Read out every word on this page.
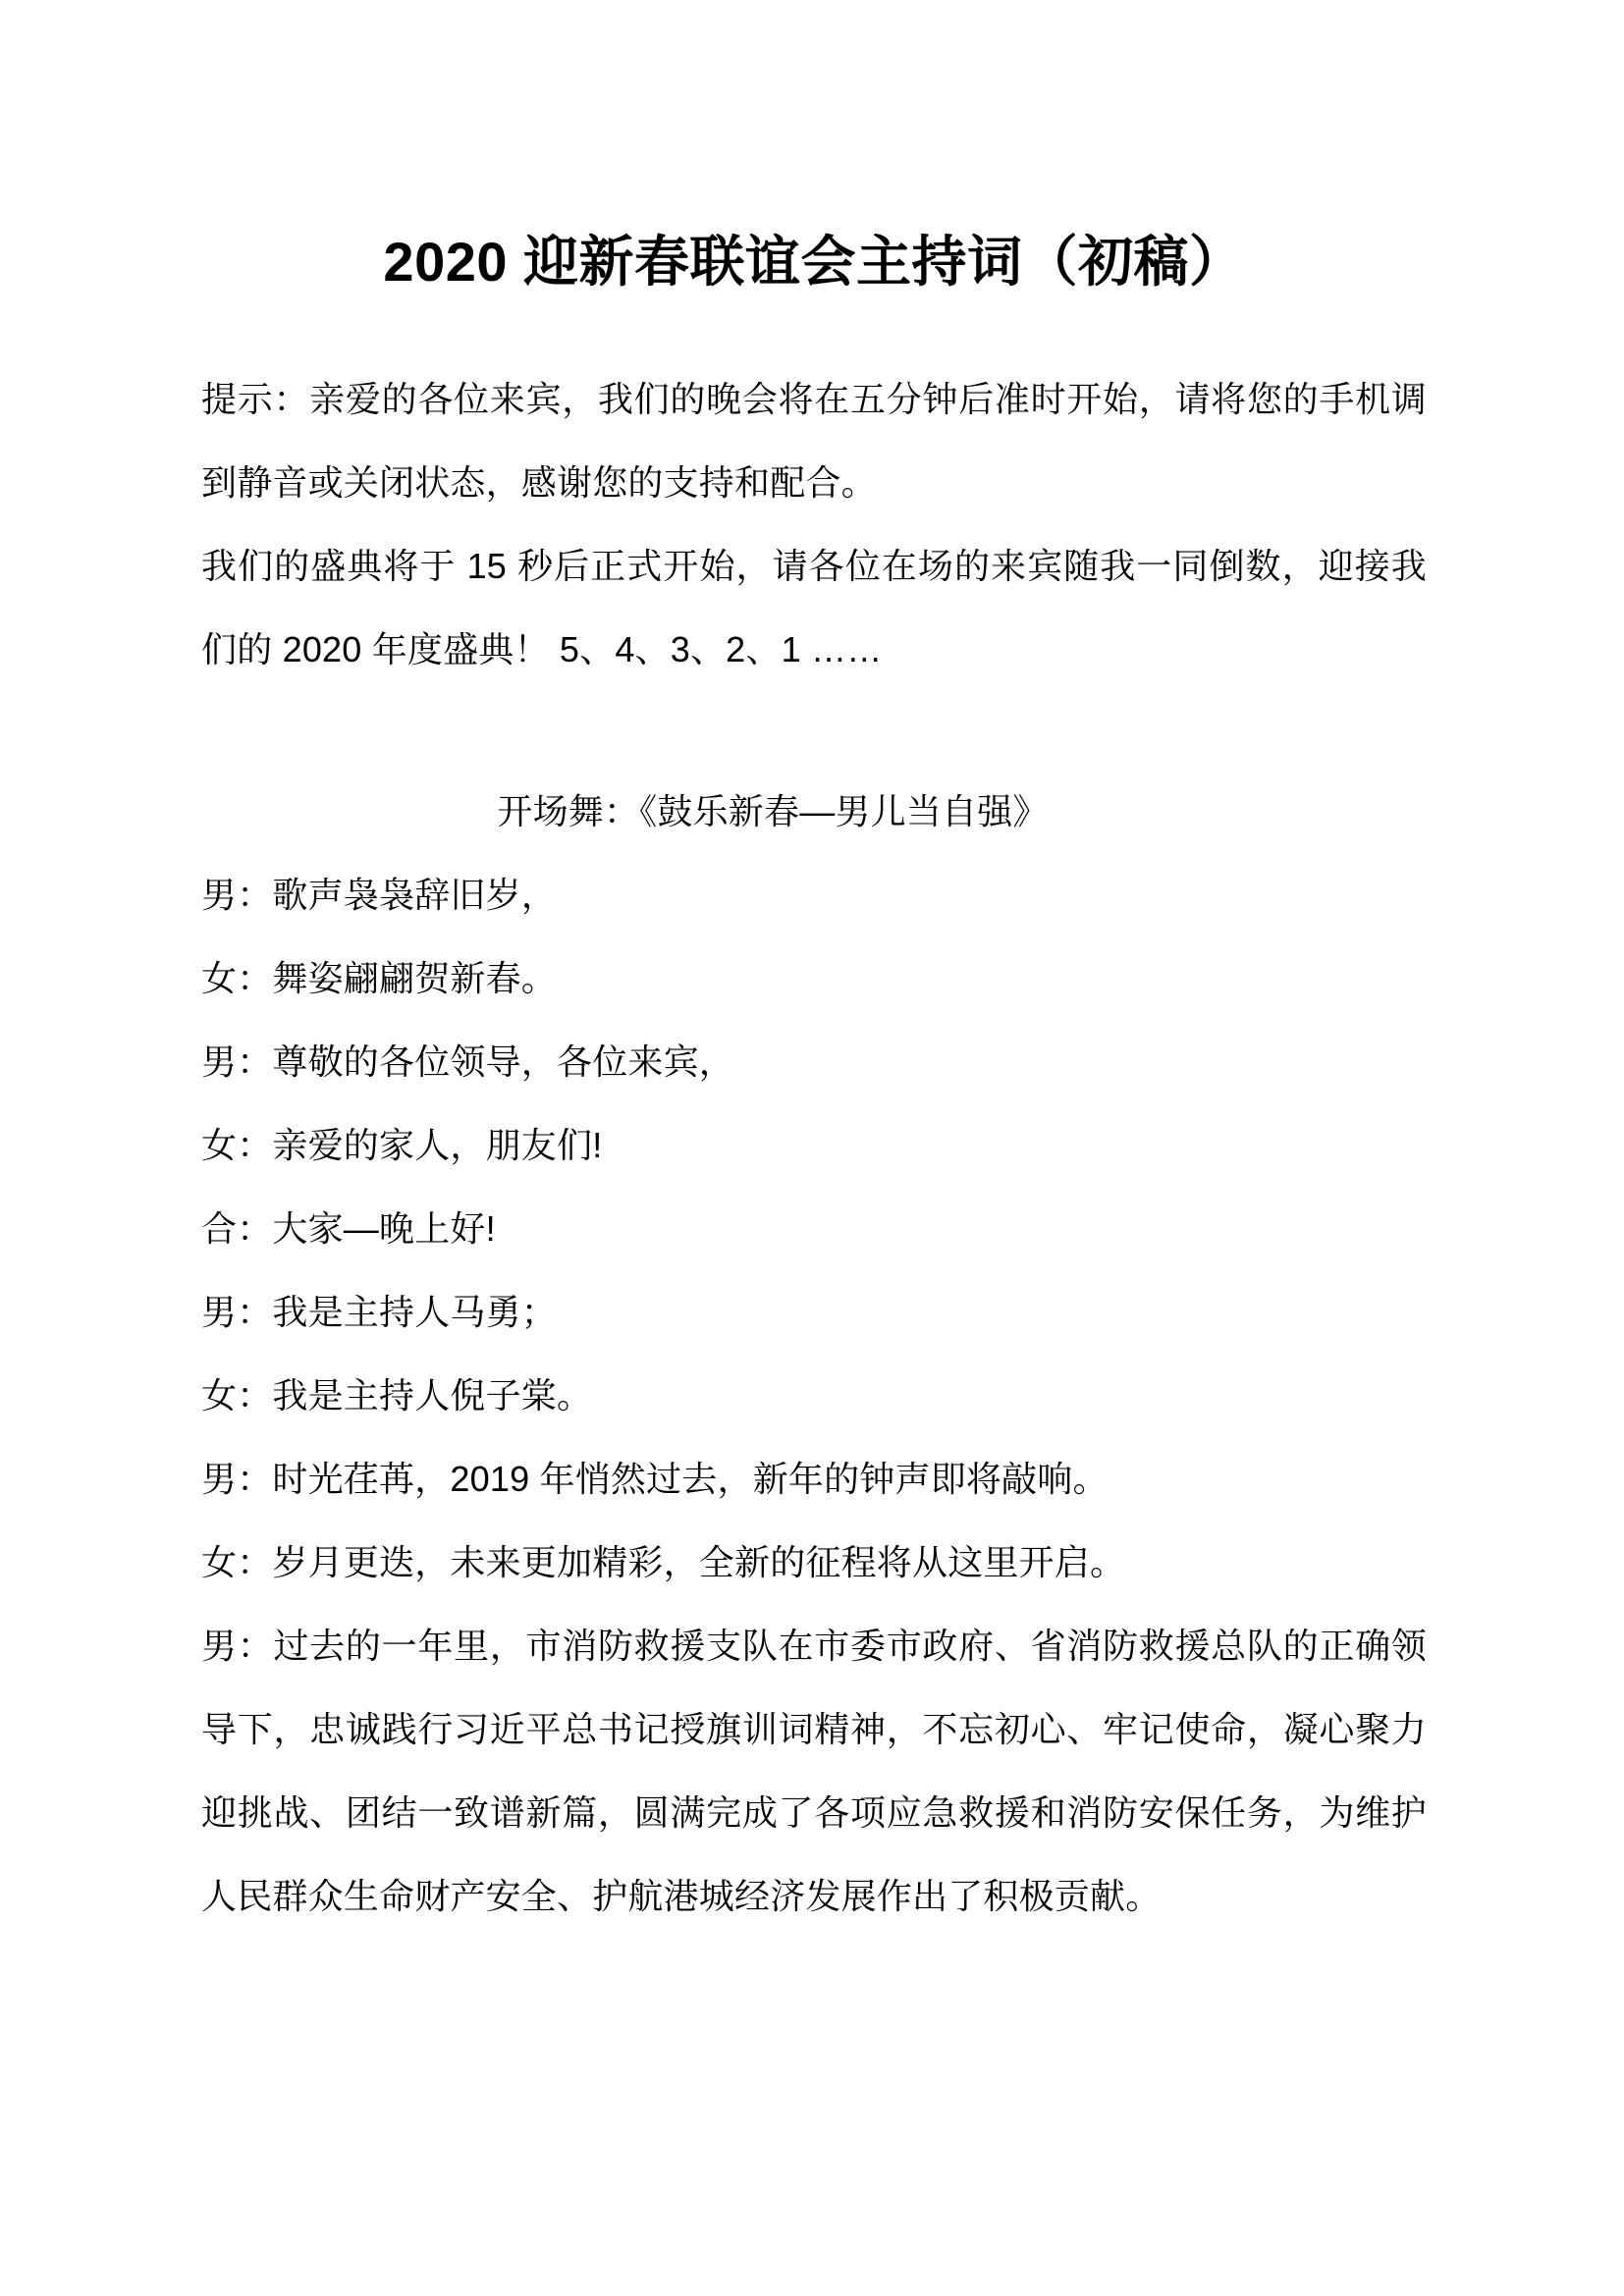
2020 迎新春联谊会主持词（初稿）

提示：亲爱的各位来宾，我们的晚会将在五分钟后准时开始，请将您的手机调到静音或关闭状态，感谢您的支持和配合。

我们的盛典将于 15 秒后正式开始，请各位在场的来宾随我一同倒数，迎接我们的 2020 年度盛典！ 5、4、3、2、1 ……

开场舞：《鼓乐新春—男儿当自强》

男：歌声袅袅辞旧岁，

女：舞姿翩翩贺新春。

男：尊敬的各位领导，各位来宾，

女：亲爱的家人，朋友们!

合：大家—晚上好!

男：我是主持人马勇；

女：我是主持人倪子棠。

男：时光荏苒，2019 年悄然过去，新年的钟声即将敲响。

女：岁月更迭，未来更加精彩，全新的征程将从这里开启。

男：过去的一年里，市消防救援支队在市委市政府、省消防救援总队的正确领导下，忠诚践行习近平总书记授旗训词精神，不忘初心、牢记使命，凝心聚力迎挑战、团结一致谱新篇，圆满完成了各项应急救援和消防安保任务，为维护人民群众生命财产安全、护航港城经济发展作出了积极贡献。
